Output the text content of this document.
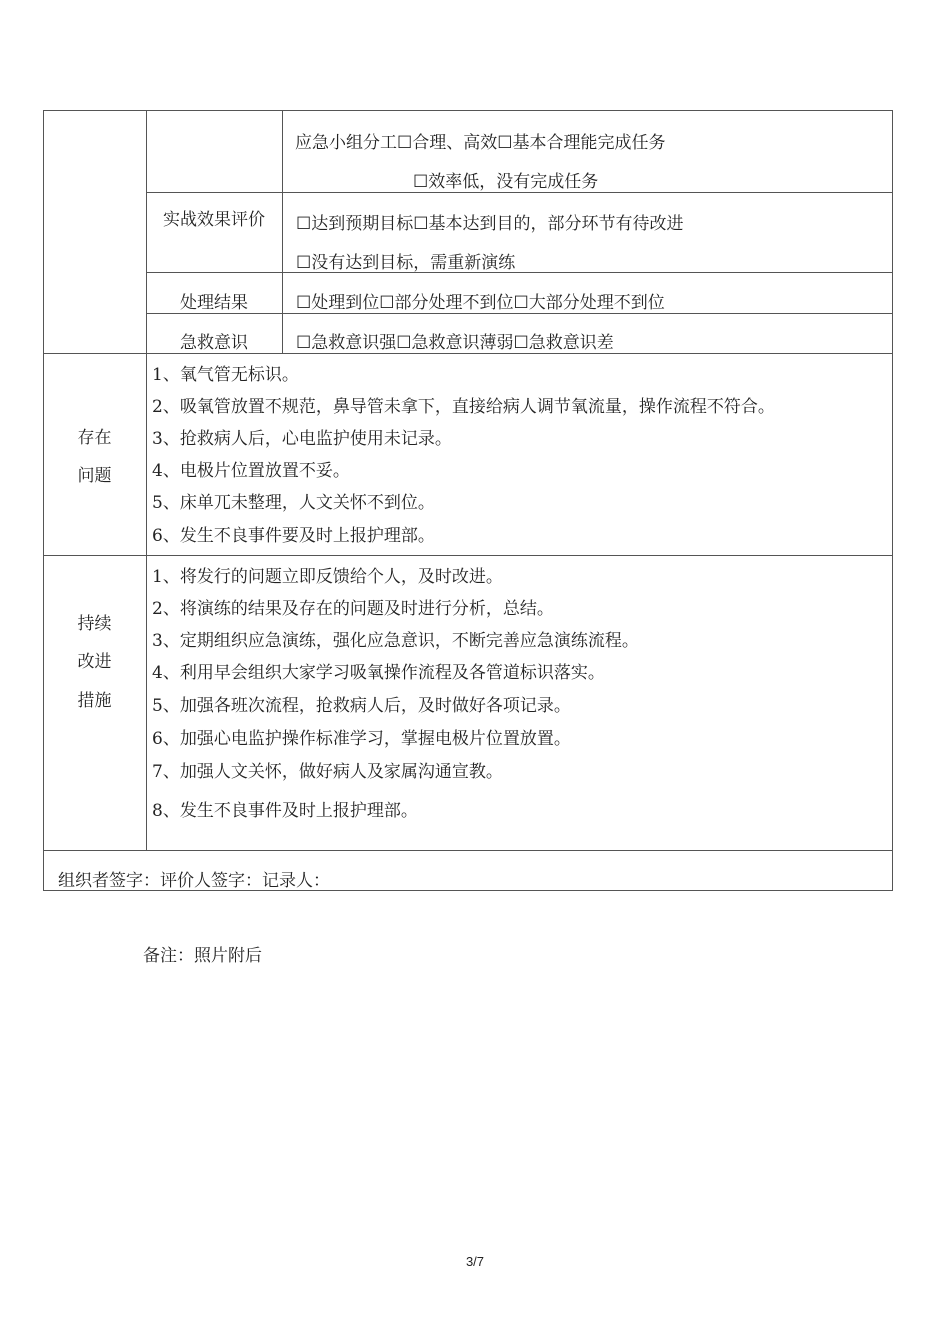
应急小组分工☐合理、高效☐基本合理能完成任务
☐效率低，没有完成任务
实战效果评价	☐达到预期目标☐基本达到目的，部分环节有待改进
☐没有达到目标，需重新演练
处理结果	☐处理到位☐部分处理不到位☐大部分处理不到位
急救意识	☐急救意识强☐急救意识薄弱☐急救意识差
存在
问题
1、氧气管无标识。
2、吸氧管放置不规范，鼻导管未拿下，直接给病人调节氧流量，操作流程不符合。
3、抢救病人后，心电监护使用未记录。
4、电极片位置放置不妥。
5、床单兀未整理，人文关怀不到位。
6、发生不良事件要及时上报护理部。
持续
改进
措施
1、将发行的问题立即反馈给个人，及时改进。
2、将演练的结果及存在的问题及时进行分析，总结。
3、定期组织应急演练，强化应急意识，不断完善应急演练流程。
4、利用早会组织大家学习吸氧操作流程及各管道标识落实。
5、加强各班次流程，抢救病人后，及时做好各项记录。
6、加强心电监护操作标准学习，掌握电极片位置放置。
7、加强人文关怀，做好病人及家属沟通宣教。
8、发生不良事件及时上报护理部。
组织者签字：评价人签字：记录人：
备注：照片附后
3/7
